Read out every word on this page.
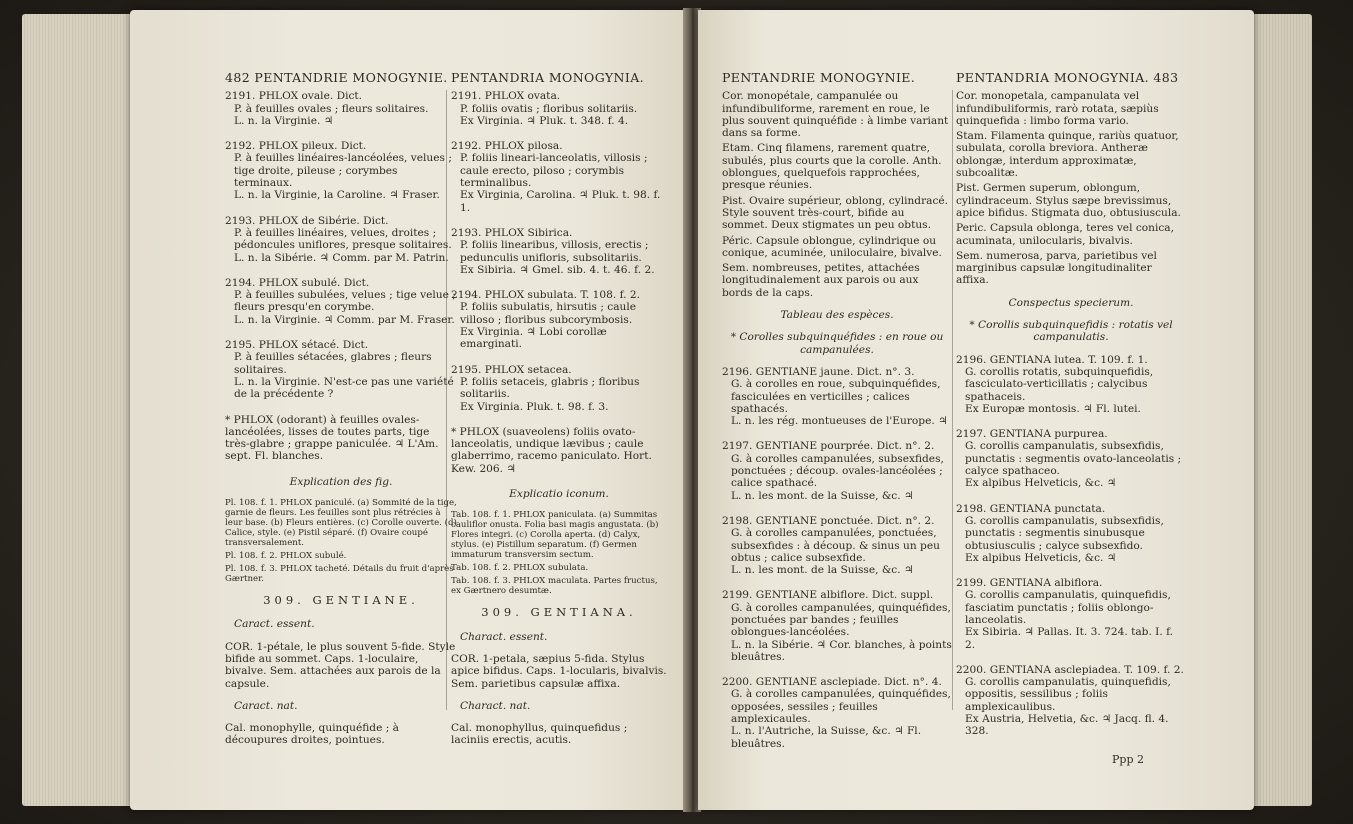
482 PENTANDRIE MONOGYNIE.

2191. PHLOX ovale. Dict.

P. à feuilles ovales ; fleurs solitaires.

L. n. la Virginie. ♃

2192. PHLOX pileux. Dict.

P. à feuilles linéaires-lancéolées, velues ; tige droite, pileuse ; corymbes terminaux.

L. n. la Virginie, la Caroline. ♃ Fraser.

2193. PHLOX de Sibérie. Dict.

P. à feuilles linéaires, velues, droites ; pédoncules uniflores, presque solitaires.

L. n. la Sibérie. ♃ Comm. par M. Patrin.

2194. PHLOX subulé. Dict.

P. à feuilles subulées, velues ; tige velue ; fleurs presqu'en corymbe.

L. n. la Virginie. ♃ Comm. par M. Fraser.

2195. PHLOX sétacé. Dict.

P. à feuilles sétacées, glabres ; fleurs solitaires.

L. n. la Virginie. N'est-ce pas une variété de la précédente ?

* PHLOX (odorant) à feuilles ovales-lancéolées, lisses de toutes parts, tige très-glabre ; grappe paniculée. ♃ L'Am. sept. Fl. blanches.

Explication des fig.

Pl. 108. f. 1. PHLOX paniculé. (a) Sommité de la tige, garnie de fleurs. Les feuilles sont plus rétrécies à leur base. (b) Fleurs entières. (c) Corolle ouverte. (d) Calice, style. (e) Pistil séparé. (f) Ovaire coupé transversalement.

Pl. 108. f. 2. PHLOX subulé.

Pl. 108. f. 3. PHLOX tacheté. Détails du fruit d'après Gærtner.

309. GENTIANE.
Caract. essent.

COR. 1-pétale, le plus souvent 5-fide. Style bifide au sommet. Caps. 1-loculaire, bivalve. Sem. attachées aux parois de la capsule.

Caract. nat.

Cal. monophylle, quinquéfide ; à découpures droites, pointues.

PENTANDRIA MONOGYNIA.

2191. PHLOX ovata.

P. foliis ovatis ; floribus solitariis.

Ex Virginia. ♃ Pluk. t. 348. f. 4.

2192. PHLOX pilosa.

P. foliis lineari-lanceolatis, villosis ; caule erecto, piloso ; corymbis terminalibus.

Ex Virginia, Carolina. ♃ Pluk. t. 98. f. 1.

2193. PHLOX Sibirica.

P. foliis linearibus, villosis, erectis ; pedunculis unifloris, subsolitariis.

Ex Sibiria. ♃ Gmel. sib. 4. t. 46. f. 2.

2194. PHLOX subulata. T. 108. f. 2.

P. foliis subulatis, hirsutis ; caule villoso ; floribus subcorymbosis.

Ex Virginia. ♃ Lobi corollæ emarginati.

2195. PHLOX setacea.

P. foliis setaceis, glabris ; floribus solitariis.

Ex Virginia. Pluk. t. 98. f. 3.

* PHLOX (suaveolens) foliis ovato-lanceolatis, undique lævibus ; caule glaberrimo, racemo paniculato. Hort. Kew. 206. ♃

Explicatio iconum.

Tab. 108. f. 1. PHLOX paniculata. (a) Summitas cauliflor onusta. Folia basi magis angustata. (b) Flores integri. (c) Corolla aperta. (d) Calyx, stylus. (e) Pistillum separatum. (f) Germen immaturum transversim sectum.

Tab. 108. f. 2. PHLOX subulata.

Tab. 108. f. 3. PHLOX maculata. Partes fructus, ex Gærtnero desumtæ.

309. GENTIANA.
Charact. essent.

COR. 1-petala, sæpius 5-fida. Stylus apice bifidus. Caps. 1-locularis, bivalvis. Sem. parietibus capsulæ affixa.

Charact. nat.

Cal. monophyllus, quinquefidus ; laciniis erectis, acutis.

PENTANDRIE MONOGYNIE.

Cor. monopétale, campanulée ou infundibuliforme, rarement en roue, le plus souvent quinquéfide : à limbe variant dans sa forme.

Etam. Cinq filamens, rarement quatre, subulés, plus courts que la corolle. Anth. oblongues, quelquefois rapprochées, presque réunies.

Pist. Ovaire supérieur, oblong, cylindracé. Style souvent très-court, bifide au sommet. Deux stigmates un peu obtus.

Péric. Capsule oblongue, cylindrique ou conique, acuminée, uniloculaire, bivalve.

Sem. nombreuses, petites, attachées longitudinalement aux parois ou aux bords de la caps.

Tableau des espèces.
* Corolles subquinquéfides : en roue ou campanulées.

2196. GENTIANE jaune. Dict. n°. 3.

G. à corolles en roue, subquinquéfides, fasciculées en verticilles ; calices spathacés.

L. n. les rég. montueuses de l'Europe. ♃

2197. GENTIANE pourprée. Dict. n°. 2.

G. à corolles campanulées, subsexfides, ponctuées ; découp. ovales-lancéolées ; calice spathacé.

L. n. les mont. de la Suisse, &c. ♃

2198. GENTIANE ponctuée. Dict. n°. 2.

G. à corolles campanulées, ponctuées, subsexfides : à découp. & sinus un peu obtus ; calice subsexfide.

L. n. les mont. de la Suisse, &c. ♃

2199. GENTIANE albiflore. Dict. suppl.

G. à corolles campanulées, quinquéfides, ponctuées par bandes ; feuilles oblongues-lancéolées.

L. n. la Sibérie. ♃ Cor. blanches, à points bleuâtres.

2200. GENTIANE asclepiade. Dict. n°. 4.

G. à corolles campanulées, quinquéfides, opposées, sessiles ; feuilles amplexicaules.

L. n. l'Autriche, la Suisse, &c. ♃ Fl. bleuâtres.

PENTANDRIA MONOGYNIA. 483

Cor. monopetala, campanulata vel infundibuliformis, rarò rotata, sæpiùs quinquefida : limbo forma vario.

Stam. Filamenta quinque, rariùs quatuor, subulata, corolla breviora. Antheræ oblongæ, interdum approximatæ, subcoalitæ.

Pist. Germen superum, oblongum, cylindraceum. Stylus sæpe brevissimus, apice bifidus. Stigmata duo, obtusiuscula.

Peric. Capsula oblonga, teres vel conica, acuminata, unilocularis, bivalvis.

Sem. numerosa, parva, parietibus vel marginibus capsulæ longitudinaliter affixa.

Conspectus specierum.
* Corollis subquinquefidis : rotatis vel campanulatis.

2196. GENTIANA lutea. T. 109. f. 1.

G. corollis rotatis, subquinquefidis, fasciculato-verticillatis ; calycibus spathaceis.

Ex Europæ montosis. ♃ Fl. lutei.

2197. GENTIANA purpurea.

G. corollis campanulatis, subsexfidis, punctatis : segmentis ovato-lanceolatis ; calyce spathaceo.

Ex alpibus Helveticis, &c. ♃

2198. GENTIANA punctata.

G. corollis campanulatis, subsexfidis, punctatis : segmentis sinubusque obtusiusculis ; calyce subsexfido.

Ex alpibus Helveticis, &c. ♃

2199. GENTIANA albiflora.

G. corollis campanulatis, quinquefidis, fasciatim punctatis ; foliis oblongo-lanceolatis.

Ex Sibiria. ♃ Pallas. It. 3. 724. tab. I. f. 2.

2200. GENTIANA asclepiadea. T. 109. f. 2.

G. corollis campanulatis, quinquefidis, oppositis, sessilibus ; foliis amplexicaulibus.

Ex Austria, Helvetia, &c. ♃ Jacq. fl. 4. 328.

Ppp 2
